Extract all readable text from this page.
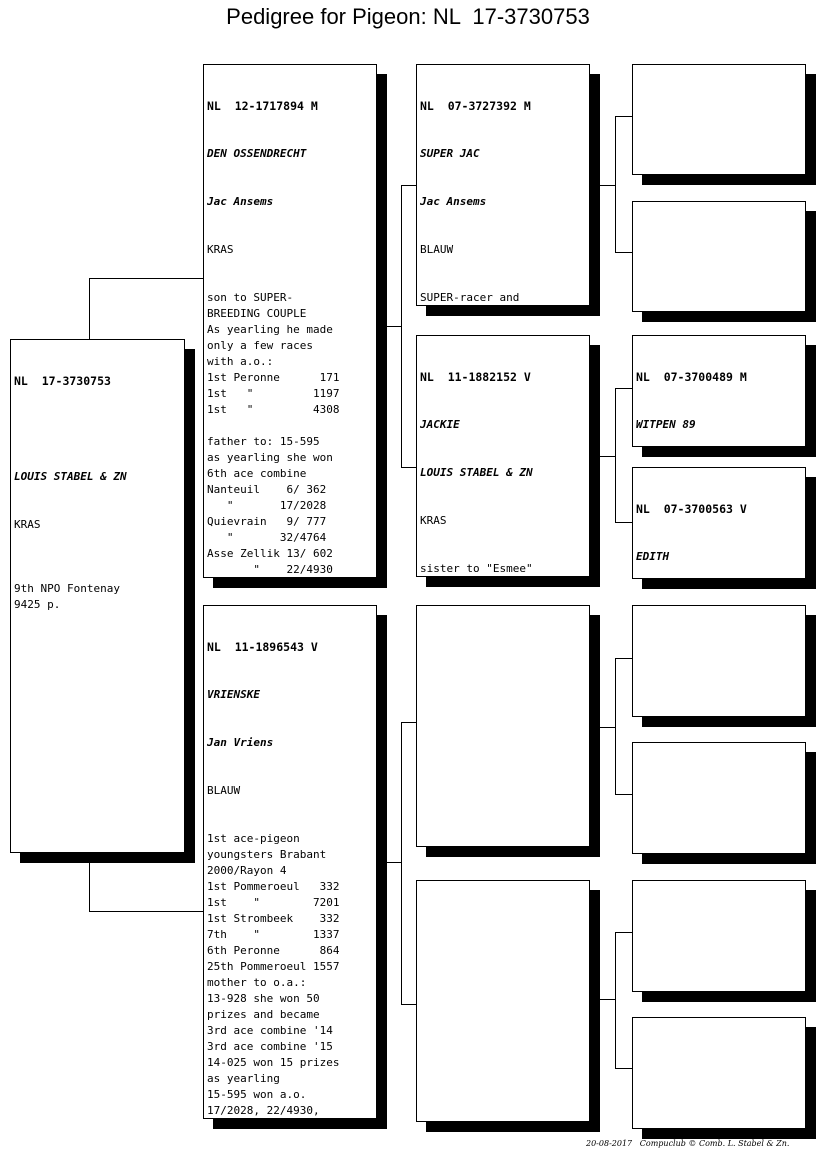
Pedigree for Pigeon: NL  17-3730753

NL  17-3730753

LOUIS STABEL & ZN

KRAS

9th NPO Fontenay
9425 p.

NL  12-1717894 M

DEN OSSENDRECHT

Jac Ansems

KRAS

son to SUPER-
BREEDING COUPLE
As yearling he made
only a few races
with a.o.:
1st Peronne      171
1st   "         1197
1st   "         4308

father to: 15-595
as yearling she won
6th ace combine
Nanteuil    6/ 362
"       17/2028
Quievrain   9/ 777
"       32/4764
Asse Zellik 13/ 602
"    22/4930

NL  11-1896543 V

VRIENSKE

Jan Vriens

BLAUW

1st ace-pigeon
youngsters Brabant
2000/Rayon 4
1st Pommeroeul   332
1st    "        7201
1st Strombeek    332
7th    "        1337
6th Peronne      864
25th Pommeroeul 1557
mother to o.a.:
13-928 she won 50
prizes and became
3rd ace combine '14
3rd ace combine '15
14-025 won 15 prizes
as yearling
15-595 won a.o.
17/2028, 22/4930,

NL  07-3727392 M

SUPER JAC

Jac Ansems

BLAUW

SUPER-racer and

NL  11-1882152 V

JACKIE

LOUIS STABEL & ZN

KRAS

sister to "Esmee"

NL  07-3700489 M

WITPEN 89

NL  07-3700563 V

EDITH

20-08-2017 Compuclub © Comb. L. Stabel & Zn.
